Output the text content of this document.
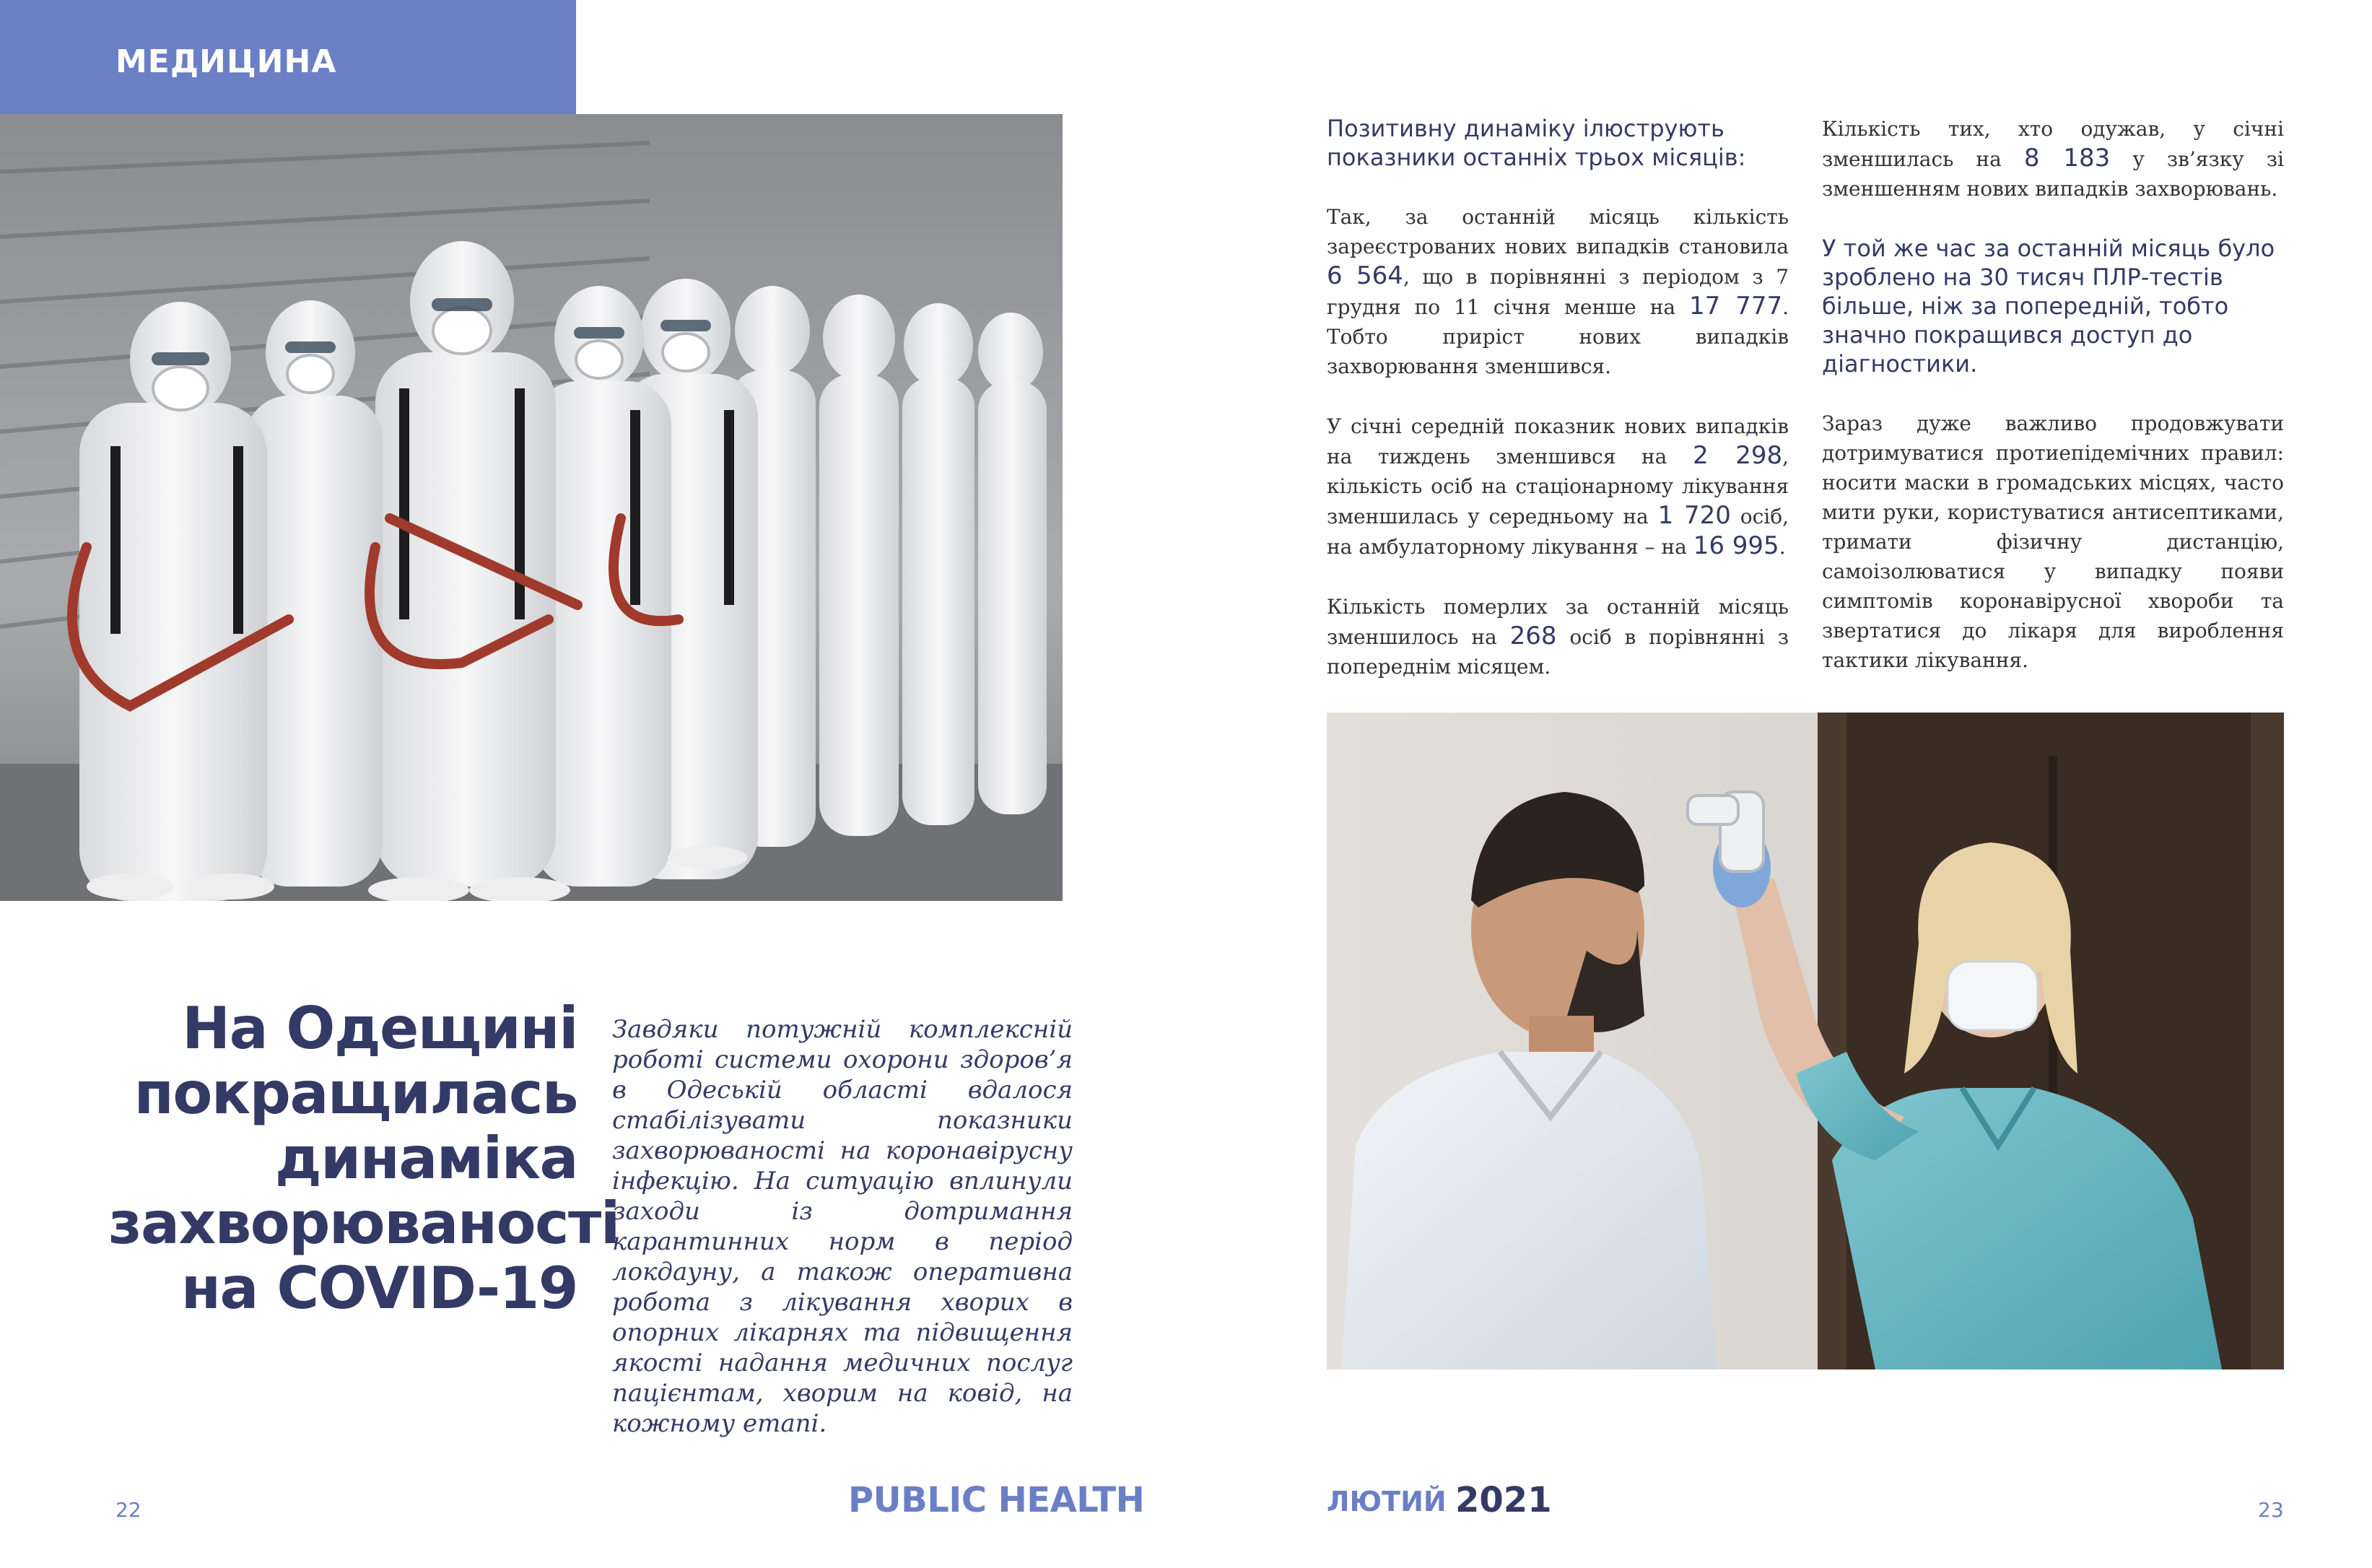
МЕДИЦИНА
На Одещині
покращилась
динаміка
захворюваності
на COVID-19
Завдяки потужній комплексній роботі системи охорони здоров’я в Одеській області вдалося стабілізувати показники захворюваності на коронавірусну інфекцію. На ситуацію вплинули заходи із дотримання карантинних норм в період локдауну, а також оперативна робота з лікування хворих в опорних лікарнях та підвищення якості надання медичних послуг пацієнтам, хворим на ковід, на кожному етапі.

Позитивну динаміку ілюструють показники останніх трьох місяців:

Так, за останній місяць кількість зареєстрованих нових випадків становила 6 564, що в порівнянні з періодом з 7 грудня по 11 січня менше на 17 777. Тобто приріст нових випадків захворювання зменшився.

У січні середній показник нових випадків на тиждень зменшився на 2 298, кількість осіб на стаціонарному лікування зменшилась у середньому на 1 720 осіб, на амбулаторному лікування – на 16 995.

Кількість померлих за останній місяць зменшилось на 268 осіб в порівнянні з попереднім місяцем.

Кількість тих, хто одужав, у січні зменшилась на 8 183 у зв’язку зі зменшенням нових випадків захворювань.

У той же час за останній місяць було зроблено на 30 тисяч ПЛР-тестів більше, ніж за попередній, тобто значно покращився доступ до діагностики.

Зараз дуже важливо продовжувати дотримуватися протиепідемічних правил: носити маски в громадських місцях, часто мити руки, користуватися антисептиками, тримати фізичну дистанцію, самоізолюватися у випадку появи симптомів коронавірусної хвороби та звертатися до лікаря для вироблення тактики лікування.

22	PUBLIC HEALTH	ЛЮТИЙ 2021	23
